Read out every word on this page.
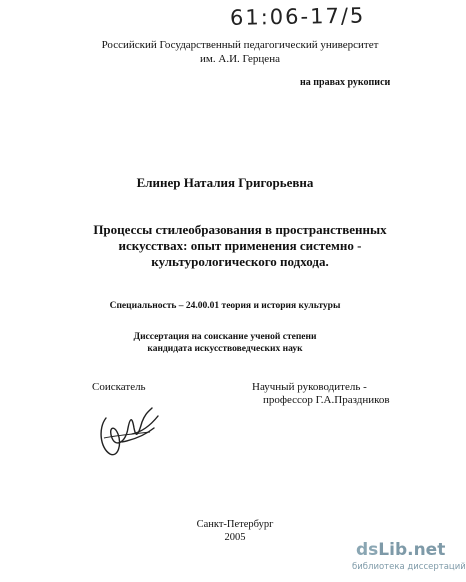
61:06-17/5
Российский Государственный педагогический университет
им. А.И. Герцена
на правах рукописи
Елинер Наталия Григорьевна
Процессы стилеобразования в пространственных
искусствах: опыт применения системно -
культурологического подхода.
Специальность – 24.00.01 теория и история культуры
Диссертация на соискание ученой степени
кандидата искусствоведческих наук
Соискатель	Научный руководитель -
профессор Г.А.Праздников
Санкт-Петербург
2005
dsLib.net
библиотека диссертаций
